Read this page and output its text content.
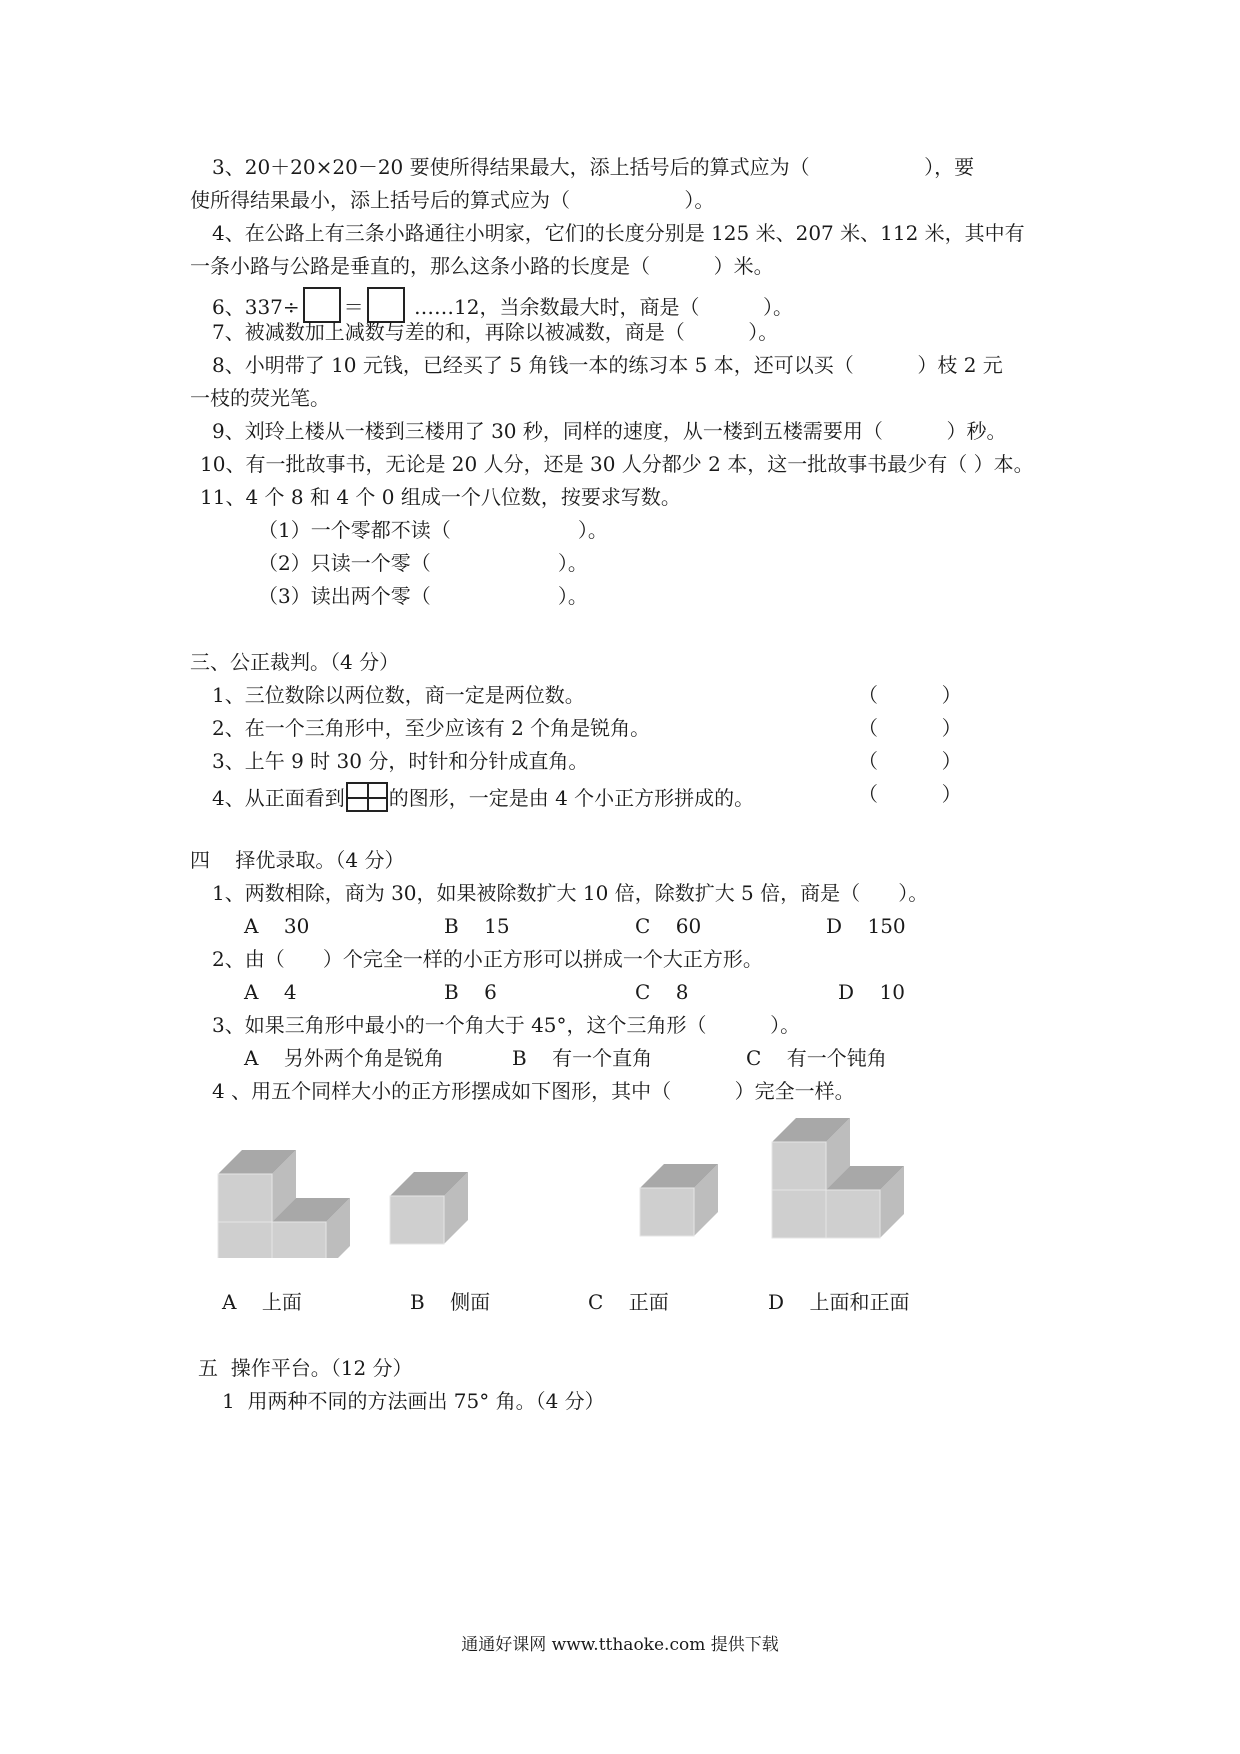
3、20＋20×20－20 要使所得结果最大，添上括号后的算式应为（                  ），要
使所得结果最小，添上括号后的算式应为（                  ）。
4、在公路上有三条小路通往小明家，它们的长度分别是 125 米、207 米、112 米，其中有
一条小路与公路是垂直的，那么这条小路的长度是（          ）米。
6、337÷ ＝ ……12，当余数最大时，商是（          ）。
7、被减数加上减数与差的和，再除以被减数，商是（          ）。
8、小明带了 10 元钱，已经买了 5 角钱一本的练习本 5 本，还可以买（          ）枝 2 元
一枝的荧光笔。
9、刘玲上楼从一楼到三楼用了 30 秒，同样的速度，从一楼到五楼需要用（          ）秒。
10、有一批故事书，无论是 20 人分，还是 30 人分都少 2 本，这一批故事书最少有（ ）本。
11、4 个 8 和 4 个 0 组成一个八位数，按要求写数。
（1）一个零都不读（                    ）。
（2）只读一个零（                    ）。
（3）读出两个零（                    ）。
三、公正裁判。（4 分）
1、三位数除以两位数，商一定是两位数。	（          ）
2、在一个三角形中，至少应该有 2 个角是锐角。	（          ）
3、上午 9 时 30 分，时针和分针成直角。	（          ）
4、从正面看到 的图形，一定是由 4 个小正方形拼成的。	（          ）
四    择优录取。（4 分）
1、两数相除，商为 30，如果被除数扩大 10 倍，除数扩大 5 倍，商是（      ）。
A    30	B    15	C    60	D    150
2、由（      ）个完全一样的小正方形可以拼成一个大正方形。
A    4	B    6	C    8	D    10
3、如果三角形中最小的一个角大于 45°，这个三角形（          ）。
A    另外两个角是锐角	B    有一个直角	C    有一个钝角
4 、用五个同样大小的正方形摆成如下图形，其中（          ）完全一样。
A    上面	B    侧面	C    正面	D    上面和正面
五  操作平台。（12 分）
1  用两种不同的方法画出 75° 角。（4 分）
通通好课网 www.tthaoke.com 提供下载
